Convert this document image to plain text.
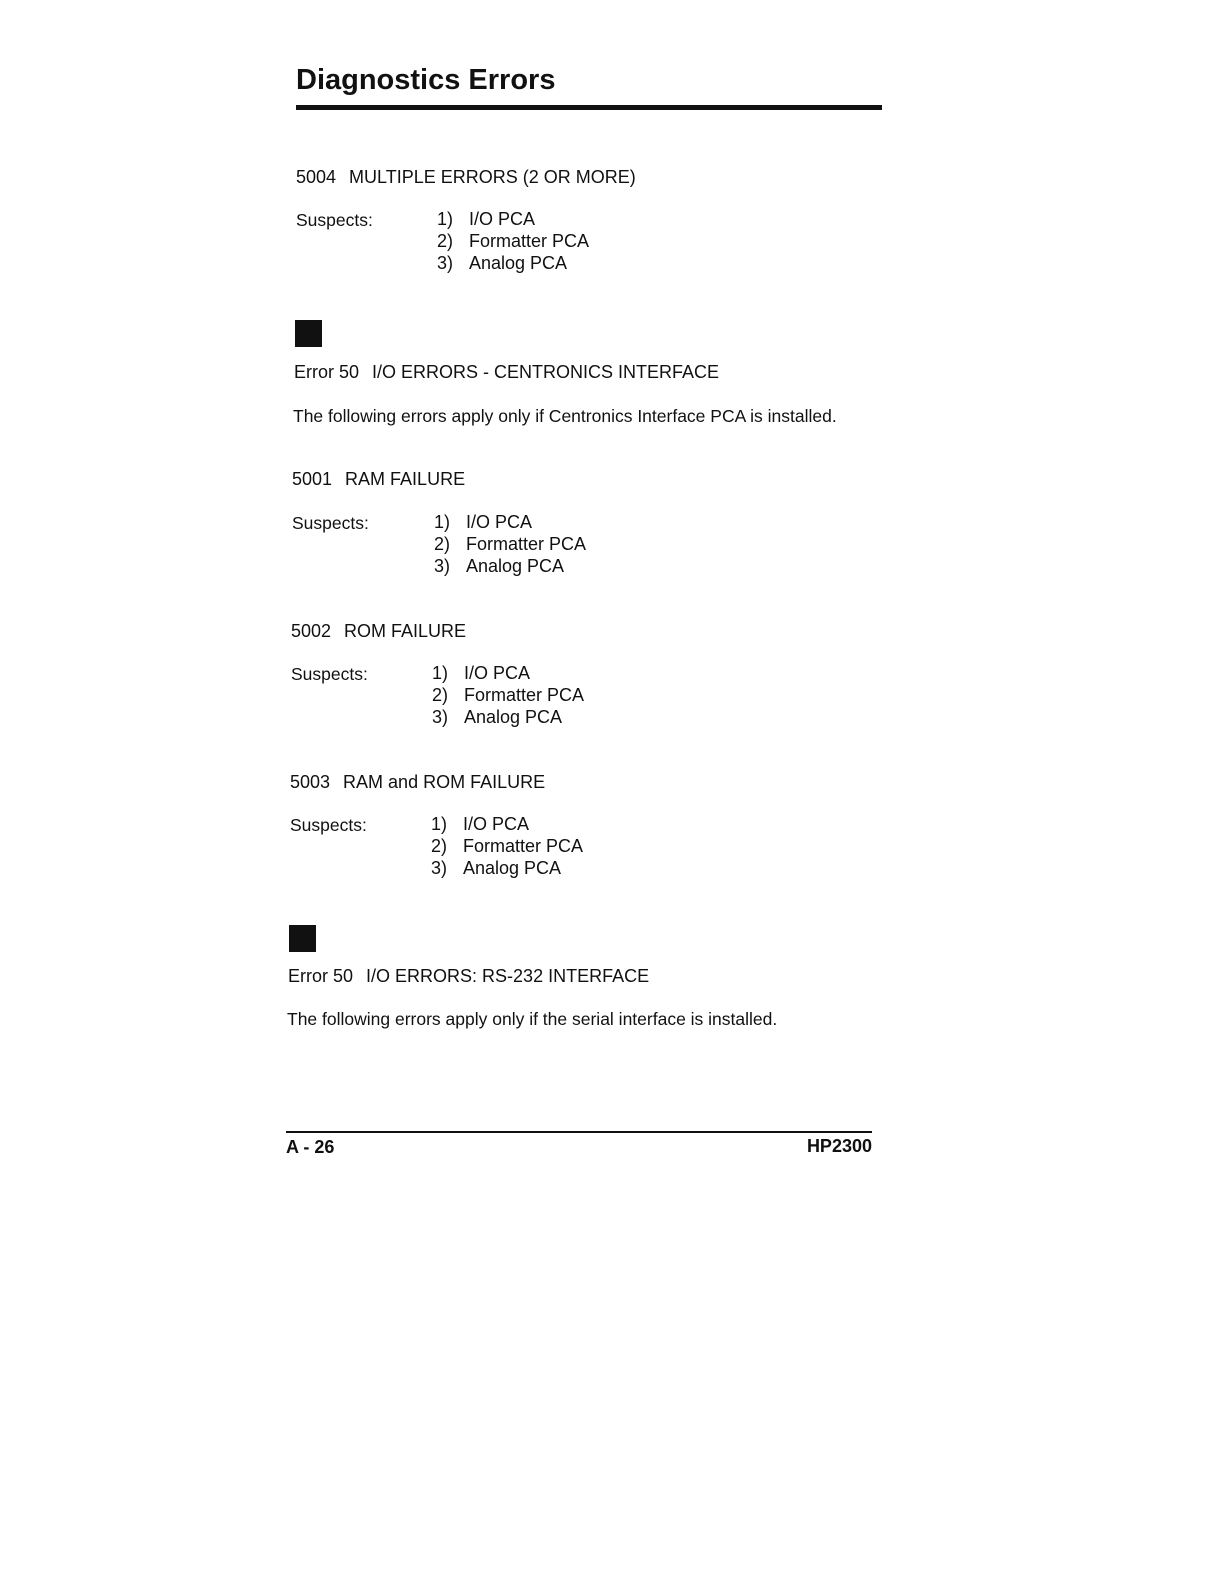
Diagnostics Errors
5004 MULTIPLE ERRORS (2 OR MORE)
Suspects:	1) I/O PCA
2) Formatter PCA
3) Analog PCA
Error 50 I/O ERRORS - CENTRONICS INTERFACE
The following errors apply only if Centronics Interface PCA is installed.
5001 RAM FAILURE
Suspects:	1) I/O PCA
2) Formatter PCA
3) Analog PCA
5002 ROM FAILURE
Suspects:	1) I/O PCA
2) Formatter PCA
3) Analog PCA
5003 RAM and ROM FAILURE
Suspects:	1) I/O PCA
2) Formatter PCA
3) Analog PCA
Error 50 I/O ERRORS: RS-232 INTERFACE
The following errors apply only if the serial interface is installed.
A - 26	HP2300
